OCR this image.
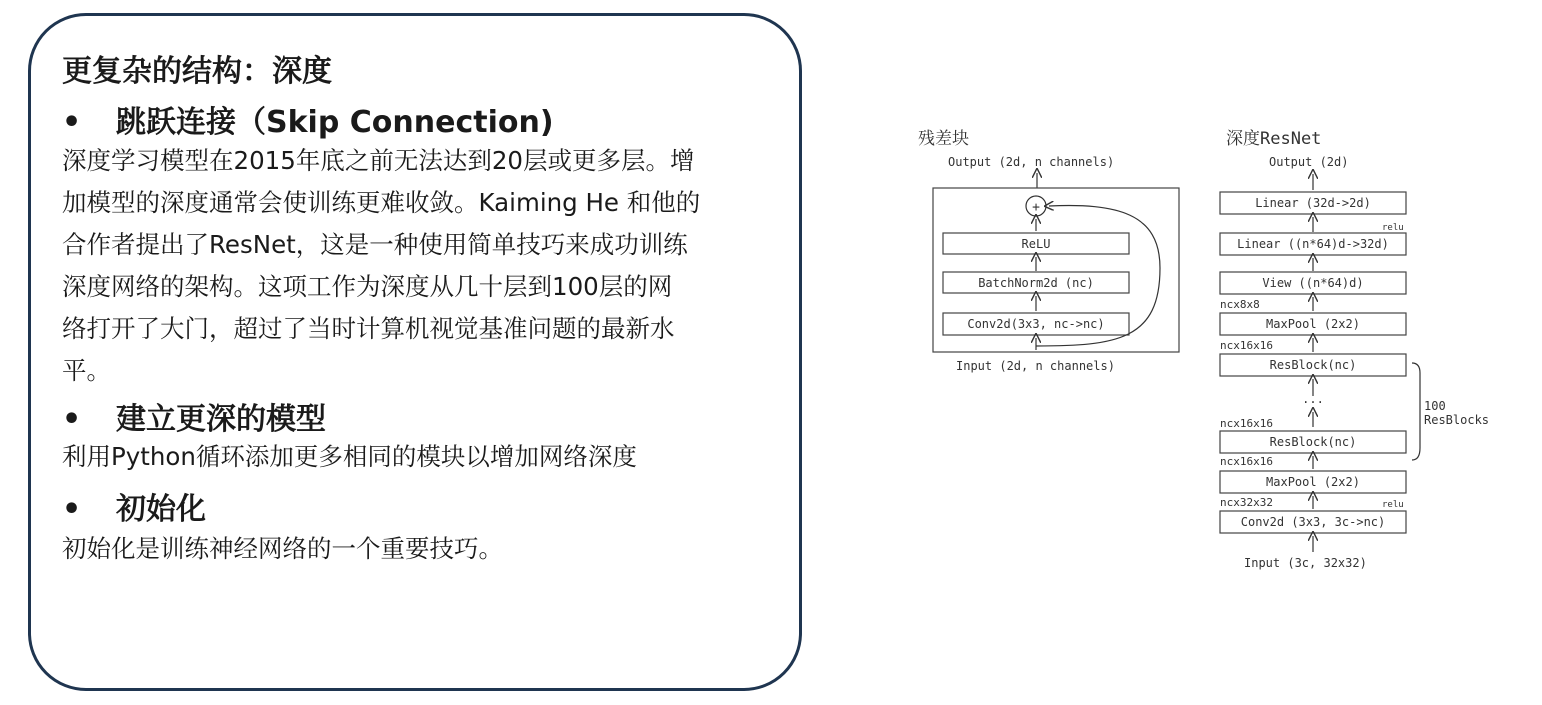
更复杂的结构：深度
• 跳跃连接（Skip Connection)
深度学习模型在2015年底之前无法达到20层或更多层。增
加模型的深度通常会使训练更难收敛。Kaiming He 和他的
合作者提出了ResNet，这是一种使用简单技巧来成功训练
深度网络的架构。这项工作为深度从几十层到100层的网
络打开了大门，超过了当时计算机视觉基准问题的最新水
平。
• 建立更深的模型
利用Python循环添加更多相同的模块以增加网络深度
• 初始化
初始化是训练神经网络的一个重要技巧。
残差块
Output (2d, n channels)
+
ReLU
BatchNorm2d (nc)
Conv2d(3x3, nc->nc)
Input (2d, n channels)
深度ResNet
Output (2d)
Linear (32d->2d)
relu
Linear ((n*64)d->32d)
View ((n*64)d)
ncx8x8
MaxPool (2x2)
ncx16x16
ResBlock(nc)
...
ncx16x16
ResBlock(nc)
ncx16x16
100
ResBlocks
MaxPool (2x2)
ncx32x32	relu
Conv2d (3x3, 3c->nc)
Input (3c, 32x32)
